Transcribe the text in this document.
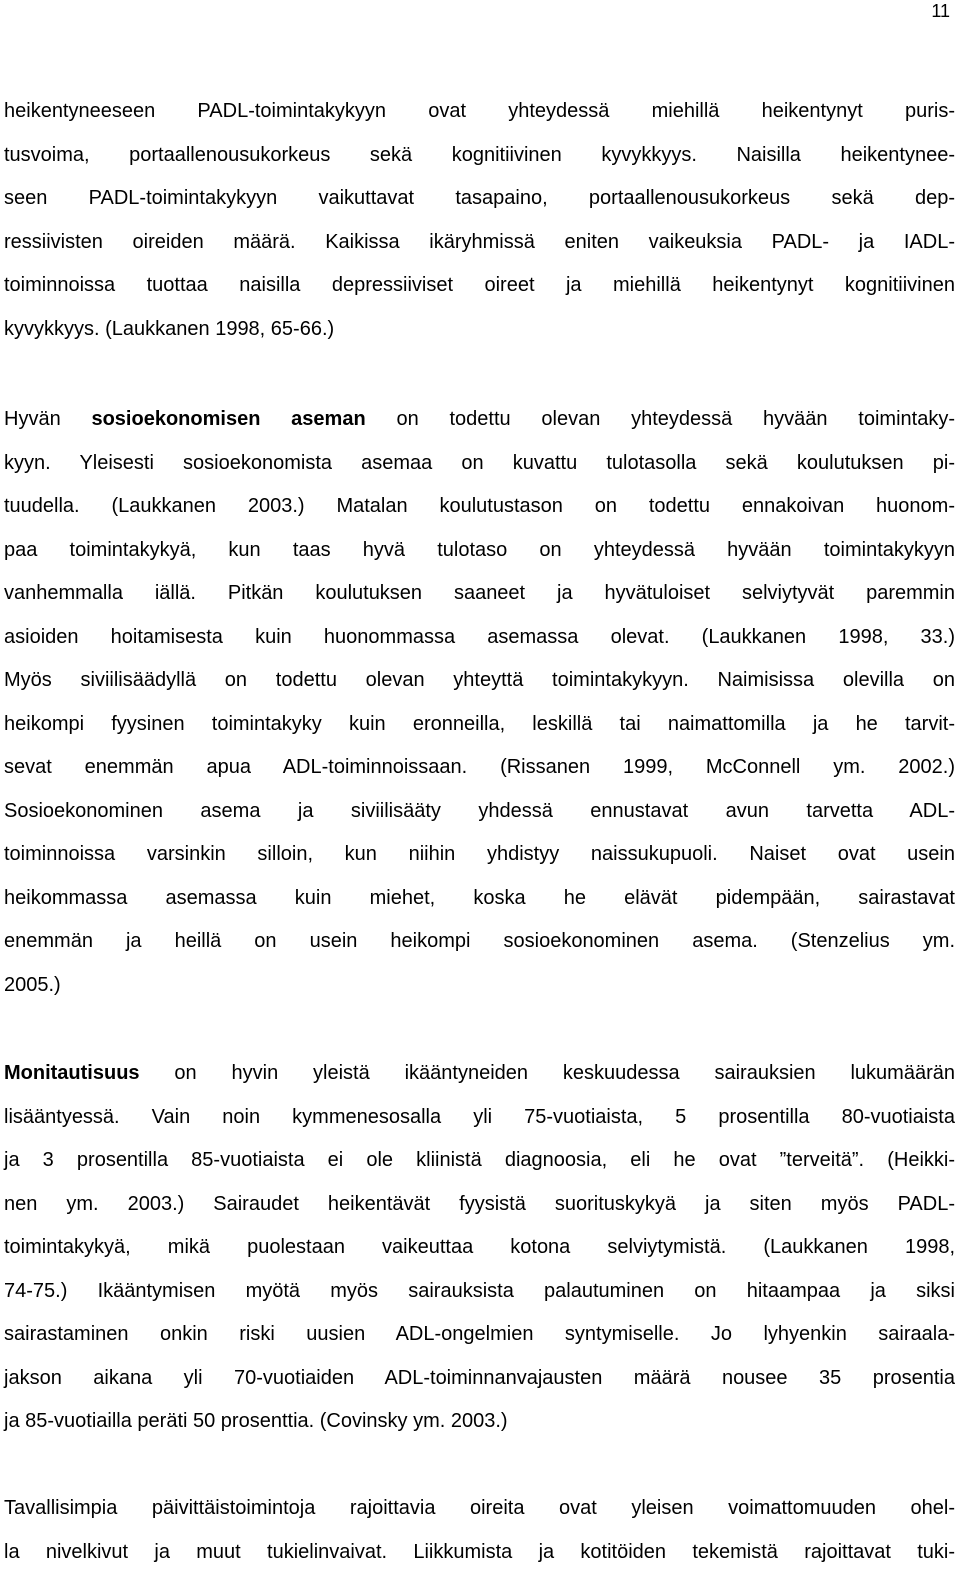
11
heikentyneeseen PADL-toimintakykyyn ovat yhteydessä miehillä heikentynyt puris-
tusvoima, portaallenousukorkeus sekä kognitiivinen kyvykkyys. Naisilla heikentynee-
seen PADL-toimintakykyyn vaikuttavat tasapaino, portaallenousukorkeus sekä dep-
ressiivisten oireiden määrä. Kaikissa ikäryhmissä eniten vaikeuksia PADL- ja IADL-
toiminnoissa tuottaa naisilla depressiiviset oireet ja miehillä heikentynyt kognitiivinen
kyvykkyys. (Laukkanen 1998, 65-66.)
Hyvän sosioekonomisen aseman on todettu olevan yhteydessä hyvään toimintaky-
kyyn. Yleisesti sosioekonomista asemaa on kuvattu tulotasolla sekä koulutuksen pi-
tuudella. (Laukkanen 2003.) Matalan koulutustason on todettu ennakoivan huonom-
paa toimintakykyä, kun taas hyvä tulotaso on yhteydessä hyvään toimintakykyyn
vanhemmalla iällä. Pitkän koulutuksen saaneet ja hyvätuloiset selviytyvät paremmin
asioiden hoitamisesta kuin huonommassa asemassa olevat. (Laukkanen 1998, 33.)
Myös siviilisäädyllä on todettu olevan yhteyttä toimintakykyyn. Naimisissa olevilla on
heikompi fyysinen toimintakyky kuin eronneilla, leskillä tai naimattomilla ja he tarvit-
sevat enemmän apua ADL-toiminnoissaan. (Rissanen 1999, McConnell ym. 2002.)
Sosioekonominen asema ja siviilisääty yhdessä ennustavat avun tarvetta ADL-
toiminnoissa varsinkin silloin, kun niihin yhdistyy naissukupuoli. Naiset ovat usein
heikommassa asemassa kuin miehet, koska he elävät pidempään, sairastavat
enemmän ja heillä on usein heikompi sosioekonominen asema. (Stenzelius ym.
2005.)
Monitautisuus on hyvin yleistä ikääntyneiden keskuudessa sairauksien lukumäärän
lisääntyessä. Vain noin kymmenesosalla yli 75-vuotiaista, 5 prosentilla 80-vuotiaista
ja 3 prosentilla 85-vuotiaista ei ole kliinistä diagnoosia, eli he ovat ”terveitä”. (Heikki-
nen ym. 2003.) Sairaudet heikentävät fyysistä suorituskykyä ja siten myös PADL-
toimintakykyä, mikä puolestaan vaikeuttaa kotona selviytymistä. (Laukkanen 1998,
74-75.) Ikääntymisen myötä myös sairauksista palautuminen on hitaampaa ja siksi
sairastaminen onkin riski uusien ADL-ongelmien syntymiselle. Jo lyhyenkin sairaala-
jakson aikana yli 70-vuotiaiden ADL-toiminnanvajausten määrä nousee 35 prosentia
ja 85-vuotiailla peräti 50 prosenttia. (Covinsky ym. 2003.)
Tavallisimpia päivittäistoimintoja rajoittavia oireita ovat yleisen voimattomuuden ohel-
la nivelkivut ja muut tukielinvaivat. Liikkumista ja kotitöiden tekemistä rajoittavat tuki-
